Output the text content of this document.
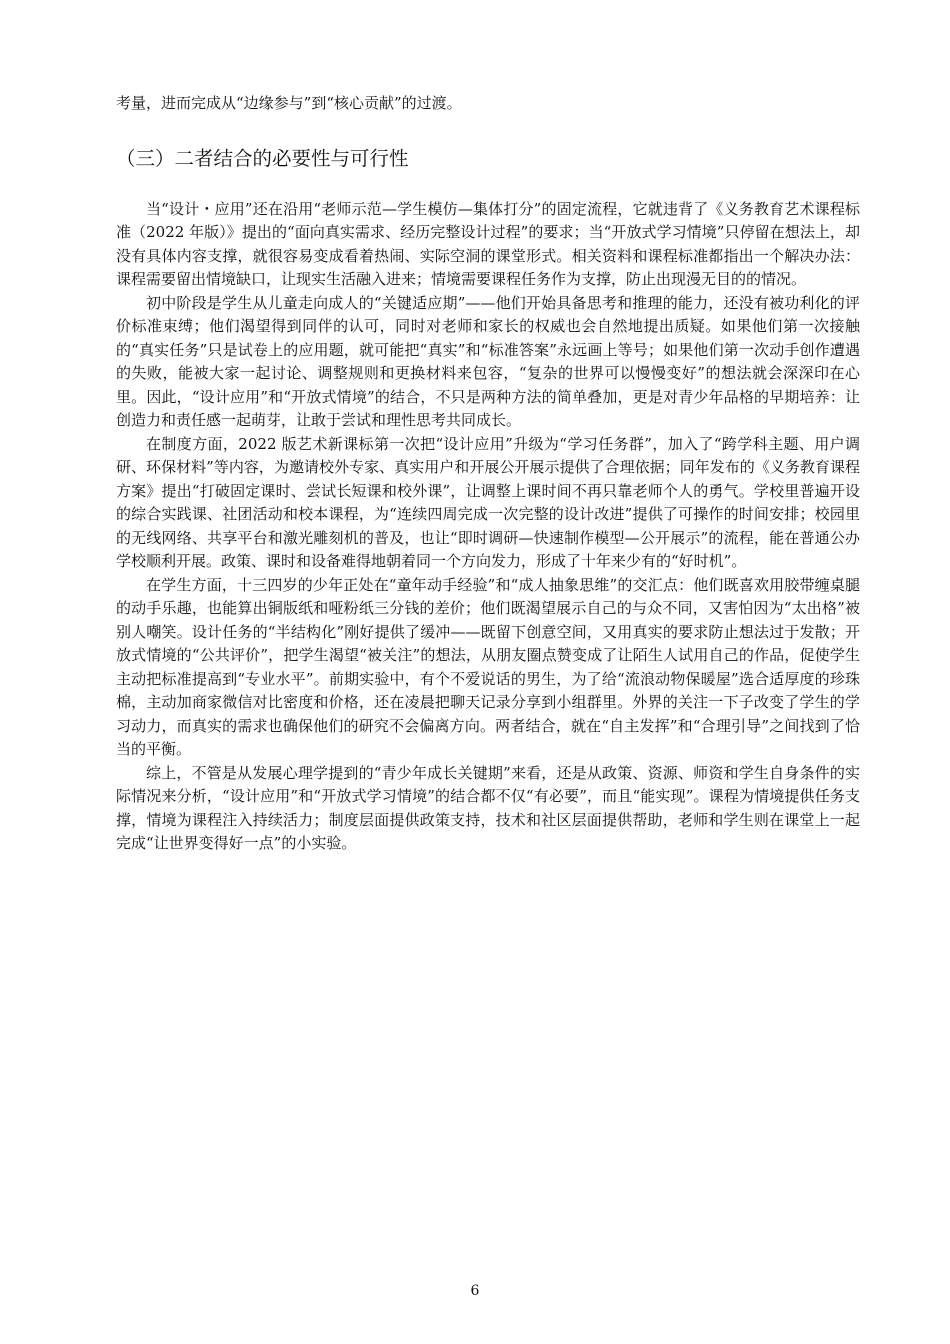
考量，进而完成从“边缘参与”到“核心贡献”的过渡。

（三）二者结合的必要性与可行性

当“设计・应用”还在沿用“老师示范—学生模仿—集体打分”的固定流程，它就违背了《义务教育艺术课程标准（2022 年版）》提出的“面向真实需求、经历完整设计过程”的要求；当“开放式学习情境”只停留在想法上，却没有具体内容支撑，就很容易变成看着热闹、实际空洞的课堂形式。相关资料和课程标准都指出一个解决办法：课程需要留出情境缺口，让现实生活融入进来；情境需要课程任务作为支撑，防止出现漫无目的的情况。

初中阶段是学生从儿童走向成人的“关键适应期”——他们开始具备思考和推理的能力，还没有被功利化的评价标准束缚；他们渴望得到同伴的认可，同时对老师和家长的权威也会自然地提出质疑。如果他们第一次接触的“真实任务”只是试卷上的应用题，就可能把“真实”和“标准答案”永远画上等号；如果他们第一次动手创作遭遇的失败，能被大家一起讨论、调整规则和更换材料来包容，“复杂的世界可以慢慢变好”的想法就会深深印在心里。因此，“设计应用”和“开放式情境”的结合，不只是两种方法的简单叠加，更是对青少年品格的早期培养：让创造力和责任感一起萌芽，让敢于尝试和理性思考共同成长。

在制度方面，2022 版艺术新课标第一次把“设计应用”升级为“学习任务群”，加入了“跨学科主题、用户调研、环保材料”等内容，为邀请校外专家、真实用户和开展公开展示提供了合理依据；同年发布的《义务教育课程方案》提出“打破固定课时、尝试长短课和校外课”，让调整上课时间不再只靠老师个人的勇气。学校里普遍开设的综合实践课、社团活动和校本课程，为“连续四周完成一次完整的设计改进”提供了可操作的时间安排；校园里的无线网络、共享平台和激光雕刻机的普及，也让“即时调研—快速制作模型—公开展示”的流程，能在普通公办学校顺利开展。政策、课时和设备难得地朝着同一个方向发力，形成了十年来少有的“好时机”。

在学生方面，十三四岁的少年正处在“童年动手经验”和“成人抽象思维”的交汇点：他们既喜欢用胶带缠桌腿的动手乐趣，也能算出铜版纸和哑粉纸三分钱的差价；他们既渴望展示自己的与众不同，又害怕因为“太出格”被别人嘲笑。设计任务的“半结构化”刚好提供了缓冲——既留下创意空间，又用真实的要求防止想法过于发散；开放式情境的“公共评价”，把学生渴望“被关注”的想法，从朋友圈点赞变成了让陌生人试用自己的作品，促使学生主动把标准提高到“专业水平”。前期实验中，有个不爱说话的男生，为了给“流浪动物保暖屋”选合适厚度的珍珠棉，主动加商家微信对比密度和价格，还在凌晨把聊天记录分享到小组群里。外界的关注一下子改变了学生的学习动力，而真实的需求也确保他们的研究不会偏离方向。两者结合，就在“自主发挥”和“合理引导”之间找到了恰当的平衡。

综上，不管是从发展心理学提到的“青少年成长关键期”来看，还是从政策、资源、师资和学生自身条件的实际情况来分析，“设计应用”和“开放式学习情境”的结合都不仅“有必要”，而且“能实现”。课程为情境提供任务支撑，情境为课程注入持续活力；制度层面提供政策支持，技术和社区层面提供帮助，老师和学生则在课堂上一起完成“让世界变得好一点”的小实验。

6
